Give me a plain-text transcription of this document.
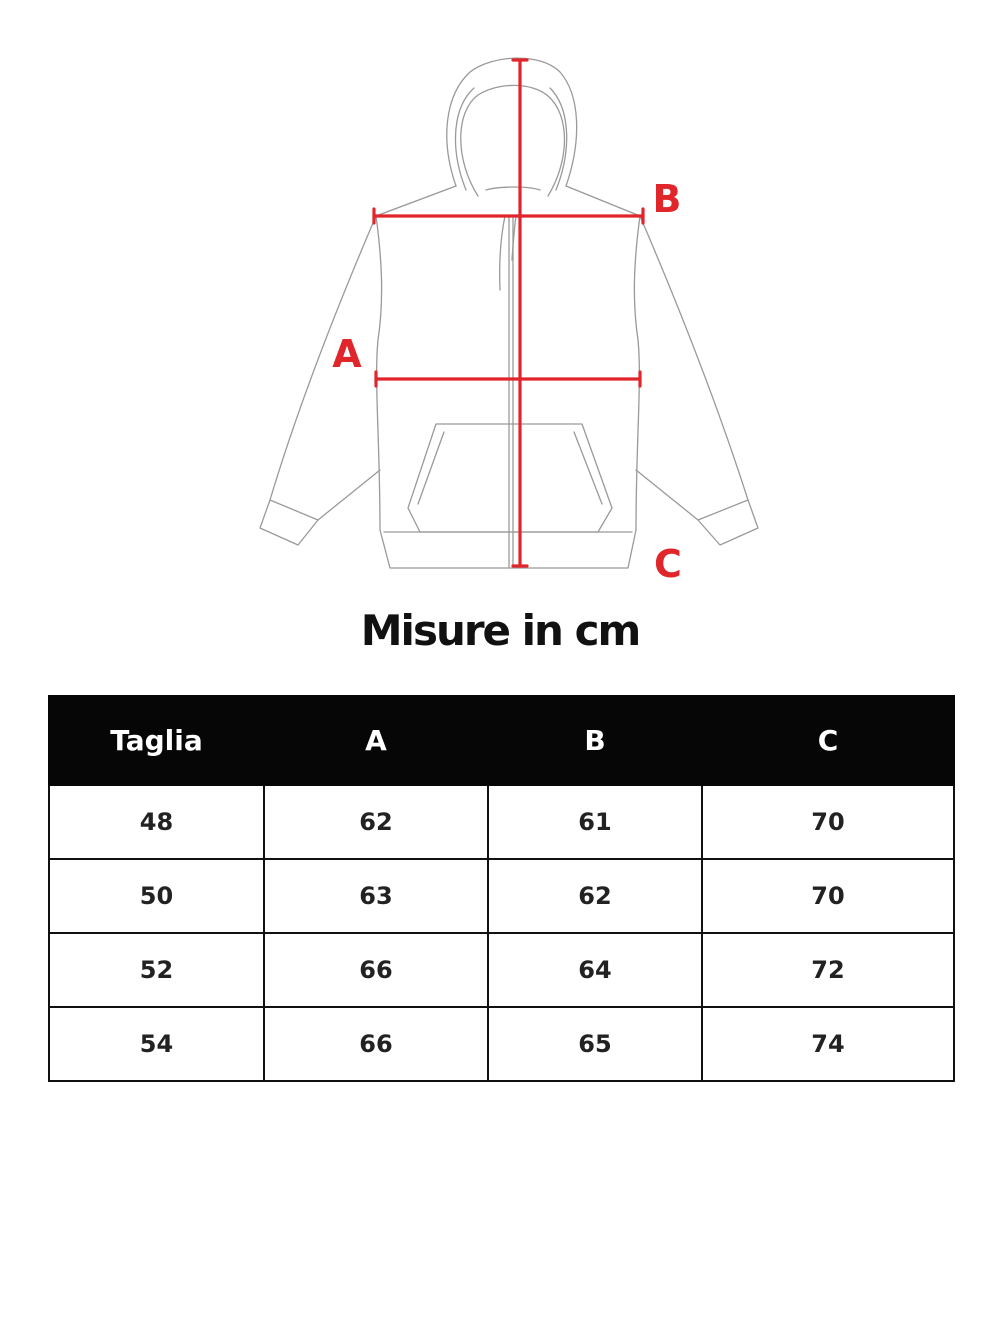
A
B
C
Misure in cm
Taglia	A	B	C
48	62	61	70
50	63	62	70
52	66	64	72
54	66	65	74
